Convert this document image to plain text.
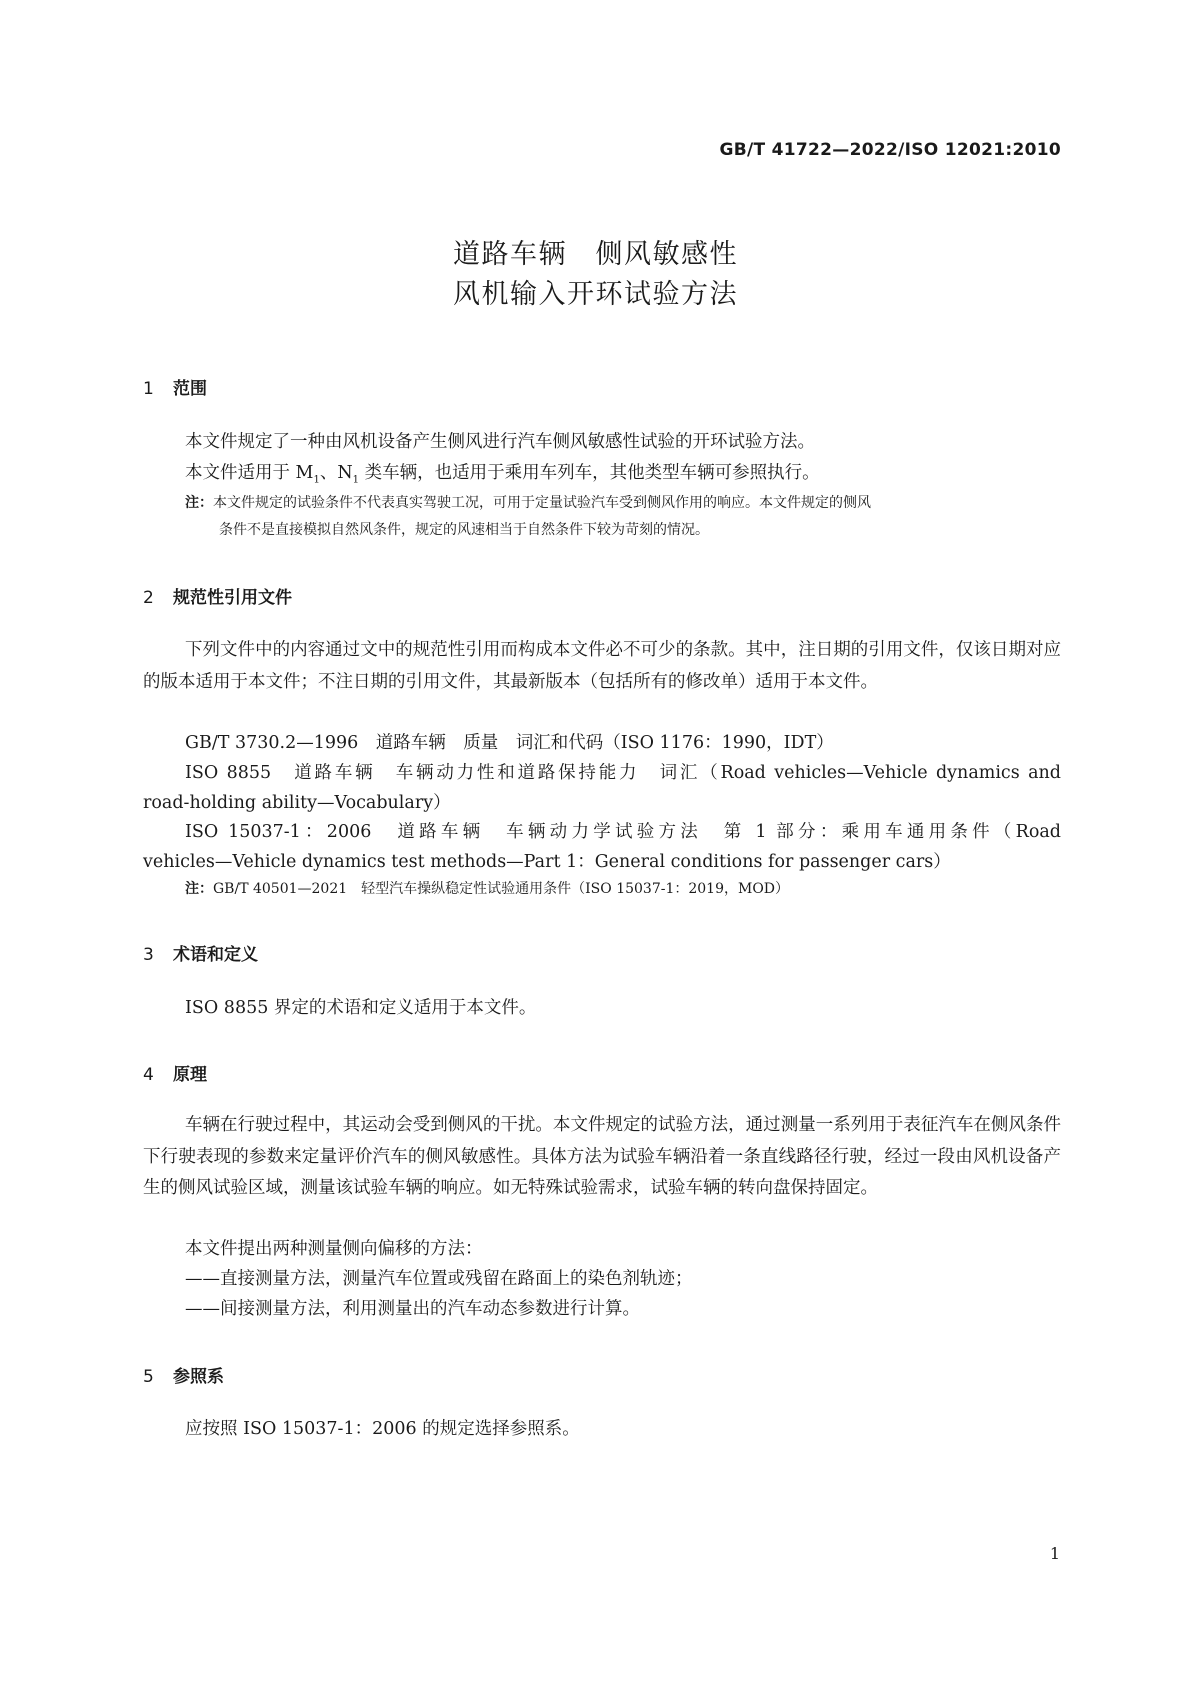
GB/T 41722—2022/ISO 12021:2010
道路车辆　侧风敏感性
风机输入开环试验方法
1 范围
本文件规定了一种由风机设备产生侧风进行汽车侧风敏感性试验的开环试验方法。
本文件适用于 $M_1$、$N_1$ 类车辆，也适用于乘用车列车，其他类型车辆可参照执行。
注：本文件规定的试验条件不代表真实驾驶工况，可用于定量试验汽车受到侧风作用的响应。本文件规定的侧风
条件不是直接模拟自然风条件，规定的风速相当于自然条件下较为苛刻的情况。
2 规范性引用文件
下列文件中的内容通过文中的规范性引用而构成本文件必不可少的条款。其中，注日期的引用文件，仅该日期对应的版本适用于本文件；不注日期的引用文件，其最新版本（包括所有的修改单）适用于本文件。
GB/T 3730.2—1996　道路车辆　质量　词汇和代码（ISO 1176：1990，IDT）
ISO 8855　道路车辆　车辆动力性和道路保持能力　词汇（Road vehicles—Vehicle dynamics and
road-holding ability—Vocabulary）
ISO 15037-1：2006　道路车辆　车辆动力学试验方法　第 1 部分：乘用车通用条件（Road
vehicles—Vehicle dynamics test methods—Part 1：General conditions for passenger cars）
注：GB/T 40501—2021　轻型汽车操纵稳定性试验通用条件（ISO 15037-1：2019，MOD）
3 术语和定义
ISO 8855 界定的术语和定义适用于本文件。
4 原理
车辆在行驶过程中，其运动会受到侧风的干扰。本文件规定的试验方法，通过测量一系列用于表征汽车在侧风条件下行驶表现的参数来定量评价汽车的侧风敏感性。具体方法为试验车辆沿着一条直线路径行驶，经过一段由风机设备产生的侧风试验区域，测量该试验车辆的响应。如无特殊试验需求，试验车辆的转向盘保持固定。
本文件提出两种测量侧向偏移的方法：
——直接测量方法，测量汽车位置或残留在路面上的染色剂轨迹；
——间接测量方法，利用测量出的汽车动态参数进行计算。
5 参照系
应按照 ISO 15037-1：2006 的规定选择参照系。
1
